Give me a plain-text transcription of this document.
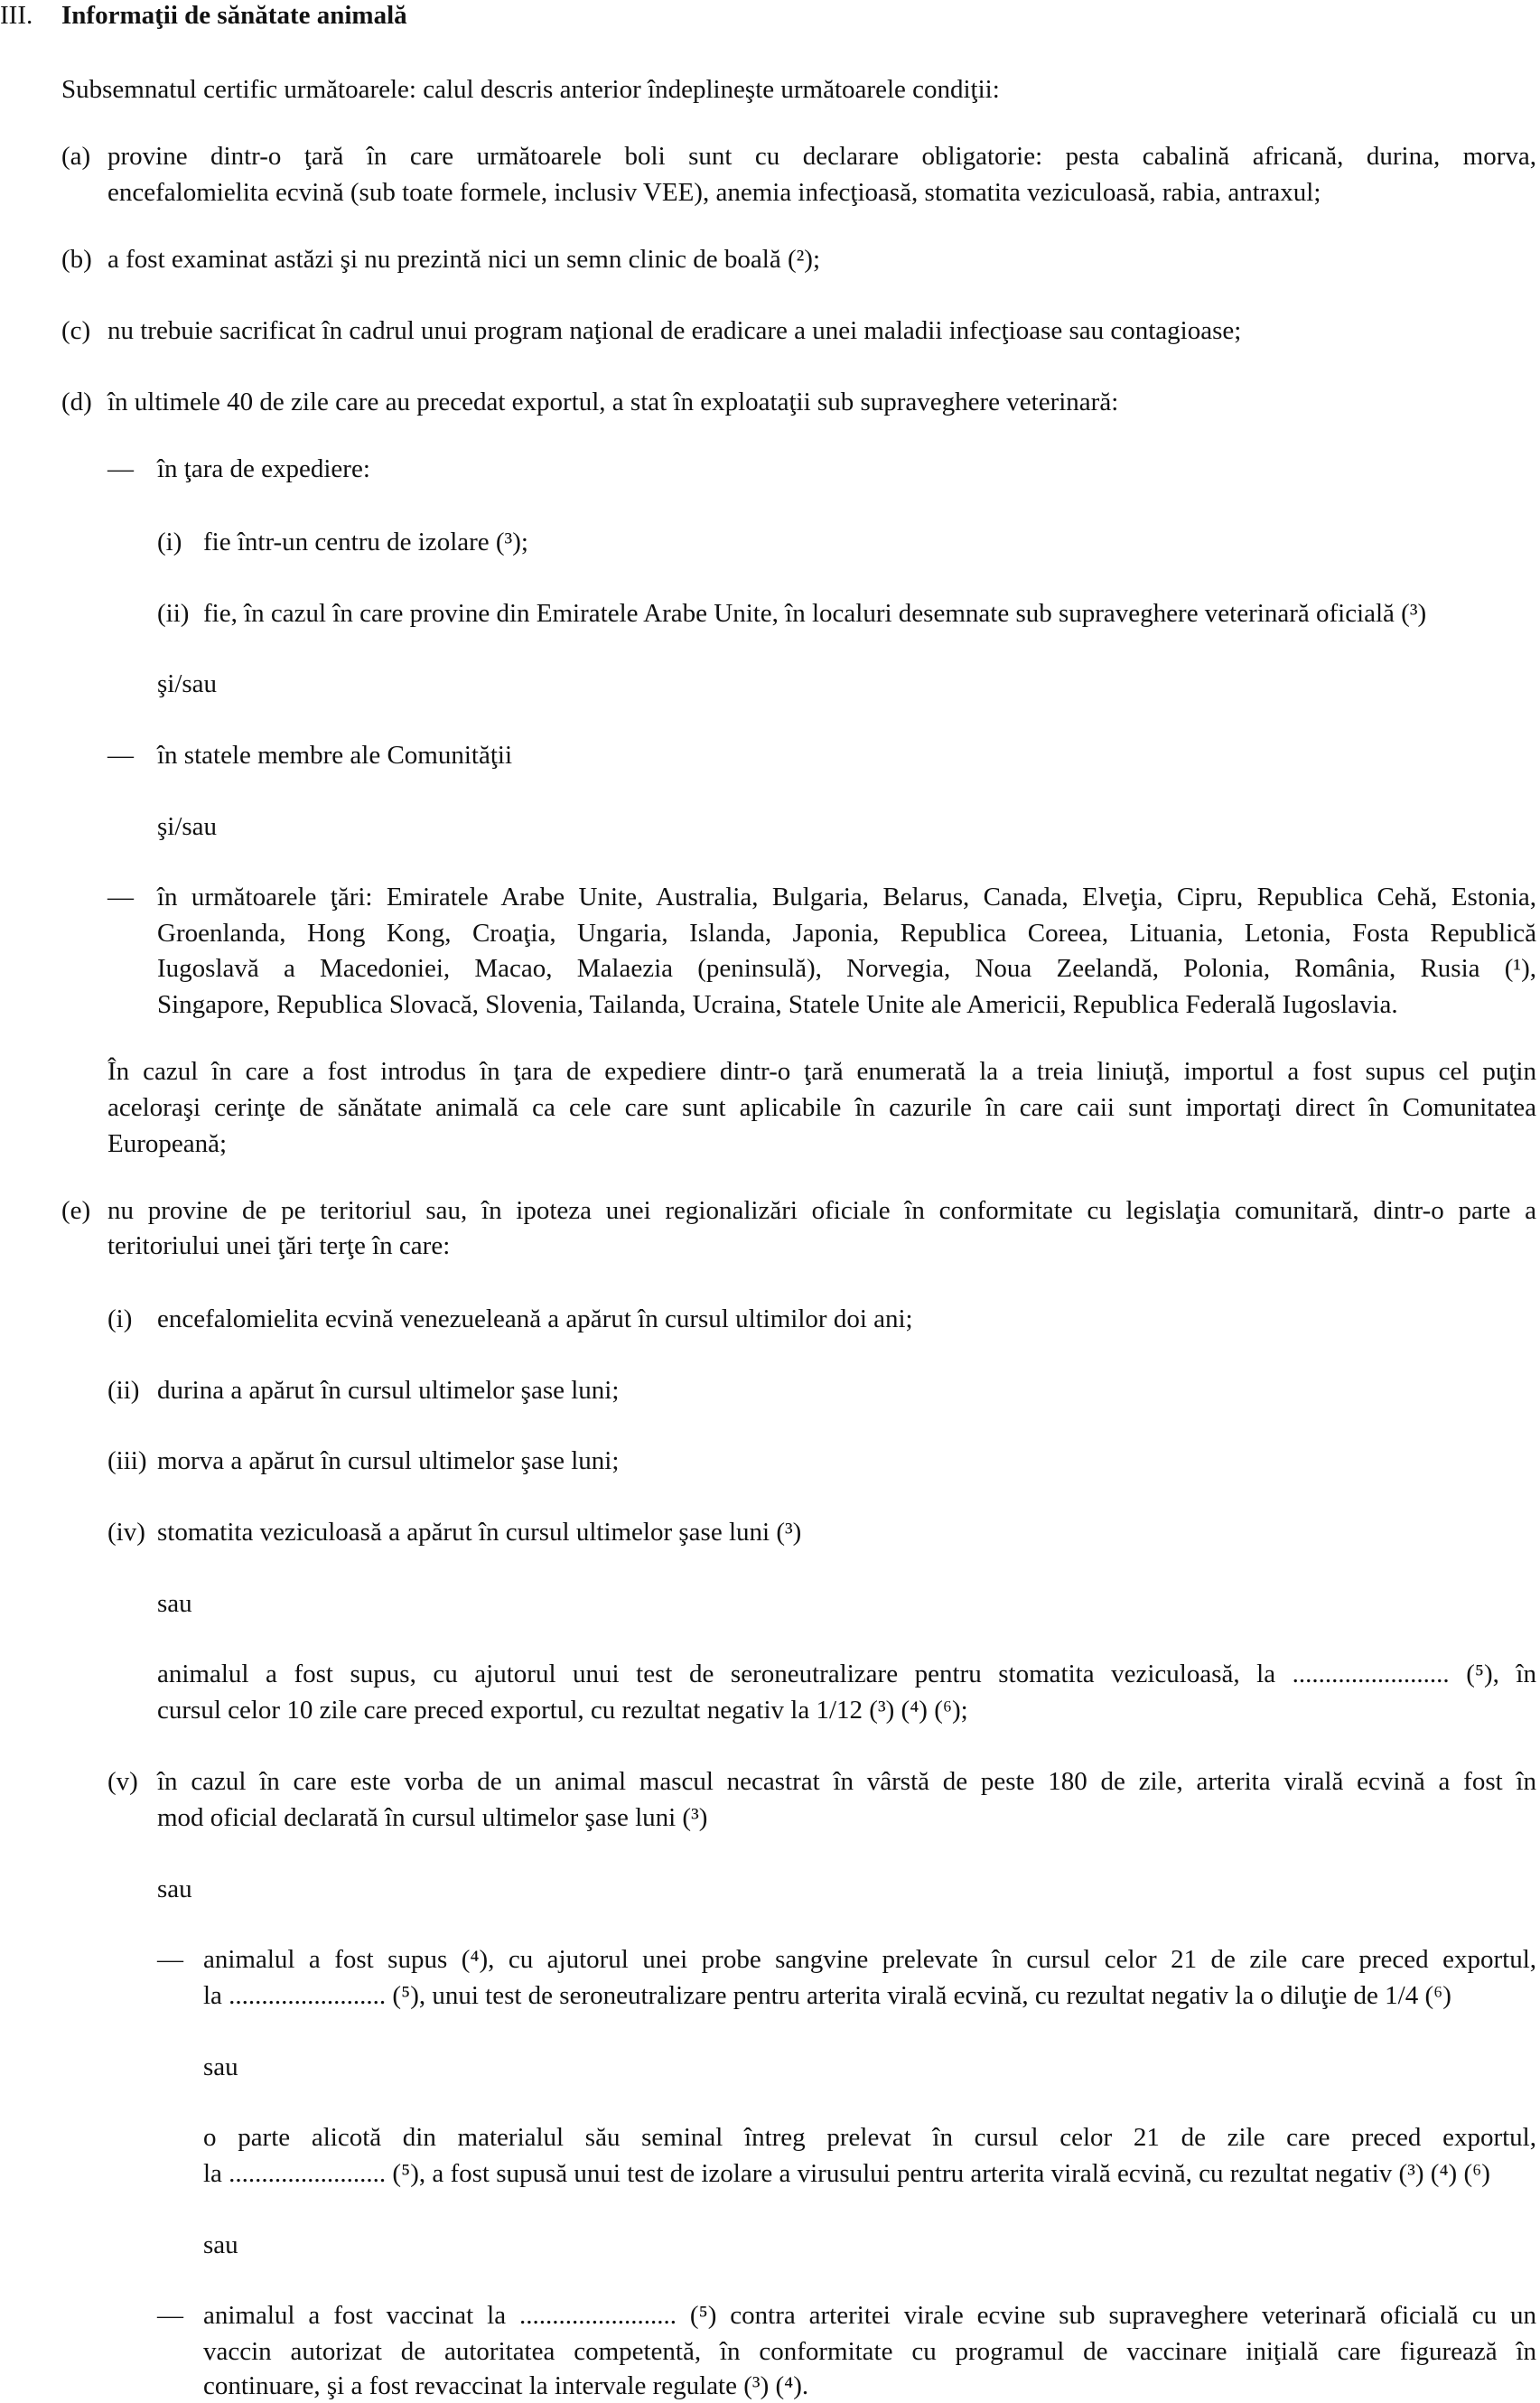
III. Informaţii de sănătate animală
Subsemnatul certific următoarele: calul descris anterior îndeplineşte următoarele condiţii:
(a) provine dintr-o ţară în care următoarele boli sunt cu declarare obligatorie: pesta cabalină africană, durina, morva,
encefalomielita ecvină (sub toate formele, inclusiv VEE), anemia infecţioasă, stomatita veziculoasă, rabia, antraxul;
(b) a fost examinat astăzi şi nu prezintă nici un semn clinic de boală (²);
(c) nu trebuie sacrificat în cadrul unui program naţional de eradicare a unei maladii infecţioase sau contagioase;
(d) în ultimele 40 de zile care au precedat exportul, a stat în exploataţii sub supraveghere veterinară:
— în ţara de expediere:
(i) fie într-un centru de izolare (³);
(ii) fie, în cazul în care provine din Emiratele Arabe Unite, în localuri desemnate sub supraveghere veterinară oficială (³)
şi/sau
— în statele membre ale Comunităţii
şi/sau
— în următoarele ţări: Emiratele Arabe Unite, Australia, Bulgaria, Belarus, Canada, Elveţia, Cipru, Republica Cehă, Estonia,
Groenlanda, Hong Kong, Croaţia, Ungaria, Islanda, Japonia, Republica Coreea, Lituania, Letonia, Fosta Republică
Iugoslavă a Macedoniei, Macao, Malaezia (peninsulă), Norvegia, Noua Zeelandă, Polonia, România, Rusia (¹),
Singapore, Republica Slovacă, Slovenia, Tailanda, Ucraina, Statele Unite ale Americii, Republica Federală Iugoslavia.
În cazul în care a fost introdus în ţara de expediere dintr-o ţară enumerată la a treia liniuţă, importul a fost supus cel puţin
aceloraşi cerinţe de sănătate animală ca cele care sunt aplicabile în cazurile în care caii sunt importaţi direct în Comunitatea
Europeană;
(e) nu provine de pe teritoriul sau, în ipoteza unei regionalizări oficiale în conformitate cu legislaţia comunitară, dintr-o parte a
teritoriului unei ţări terţe în care:
(i) encefalomielita ecvină venezueleană a apărut în cursul ultimilor doi ani;
(ii) durina a apărut în cursul ultimelor şase luni;
(iii) morva a apărut în cursul ultimelor şase luni;
(iv) stomatita veziculoasă a apărut în cursul ultimelor şase luni (³)
sau
animalul a fost supus, cu ajutorul unui test de seroneutralizare pentru stomatita veziculoasă, la ........................ (⁵), în
cursul celor 10 zile care preced exportul, cu rezultat negativ la 1/12 (³) (⁴) (⁶);
(v) în cazul în care este vorba de un animal mascul necastrat în vârstă de peste 180 de zile, arterita virală ecvină a fost în
mod oficial declarată în cursul ultimelor şase luni (³)
sau
— animalul a fost supus (⁴), cu ajutorul unei probe sangvine prelevate în cursul celor 21 de zile care preced exportul,
la ........................ (⁵), unui test de seroneutralizare pentru arterita virală ecvină, cu rezultat negativ la o diluţie de 1/4 (⁶)
sau
o parte alicotă din materialul său seminal întreg prelevat în cursul celor 21 de zile care preced exportul,
la ........................ (⁵), a fost supusă unui test de izolare a virusului pentru arterita virală ecvină, cu rezultat negativ (³) (⁴) (⁶)
sau
— animalul a fost vaccinat la ........................ (⁵) contra arteritei virale ecvine sub supraveghere veterinară oficială cu un
vaccin autorizat de autoritatea competentă, în conformitate cu programul de vaccinare iniţială care figurează în
continuare, şi a fost revaccinat la intervale regulate (³) (⁴).
